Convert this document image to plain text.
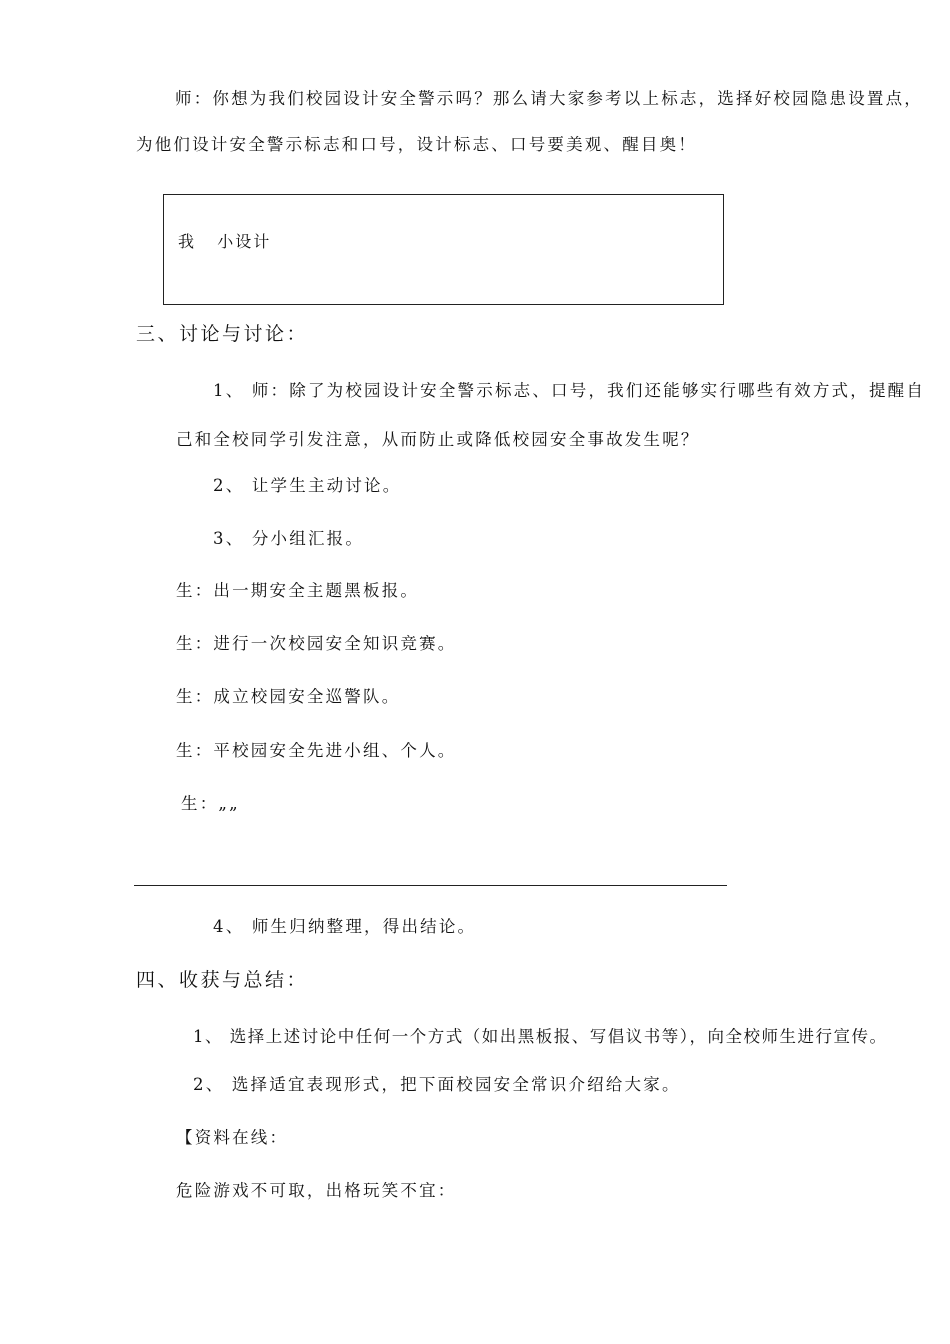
师：你想为我们校园设计安全警示吗？那么请大家参考以上标志，选择好校园隐患设置点，
为他们设计安全警示标志和口号，设计标志、口号要美观、醒目奥！
我   小设计
三、讨论与讨论：
1、 师：除了为校园设计安全警示标志、口号，我们还能够实行哪些有效方式，提醒自
己和全校同学引发注意，从而防止或降低校园安全事故发生呢？
2、 让学生主动讨论。
3、 分小组汇报。
生：出一期安全主题黑板报。
生：进行一次校园安全知识竞赛。
生：成立校园安全巡警队。
生：平校园安全先进小组、个人。
生：„„
4、 师生归纳整理，得出结论。
四、收获与总结：
1、 选择上述讨论中任何一个方式（如出黑板报、写倡议书等），向全校师生进行宣传。
2、 选择适宜表现形式，把下面校园安全常识介绍给大家。
【资料在线：
危险游戏不可取，出格玩笑不宜：
